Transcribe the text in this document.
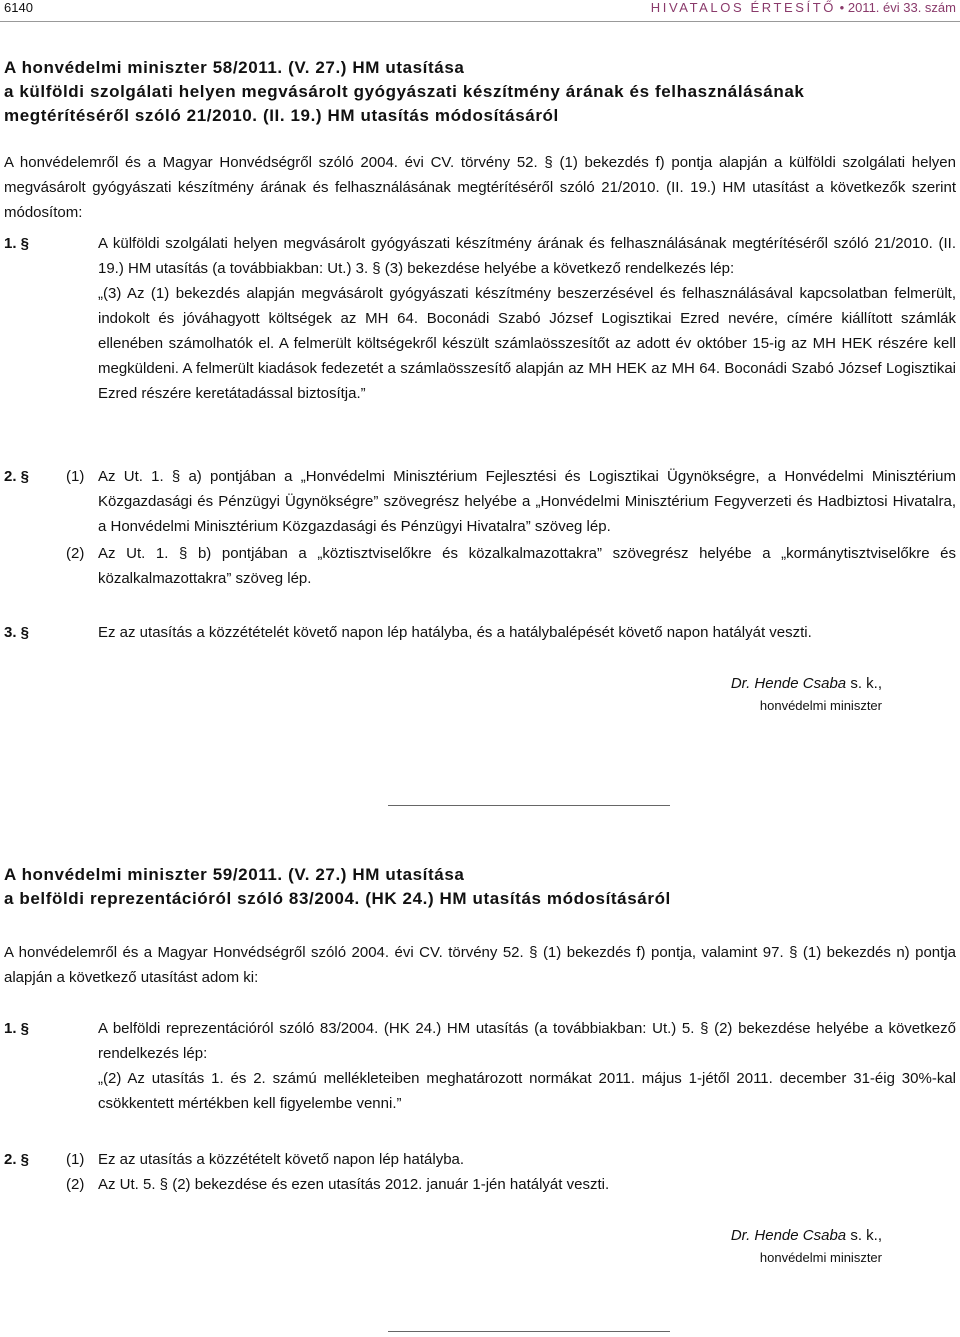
6140	HIVATALOS ÉRTESÍTŐ • 2011. évi 33. szám
A honvédelmi miniszter 58/2011. (V. 27.) HM utasítása
a külföldi szolgálati helyen megvásárolt gyógyászati készítmény árának és felhasználásának
megtérítéséről szóló 21/2010. (II. 19.) HM utasítás módosításáról

A honvédelemről és a Magyar Honvédségről szóló 2004. évi CV. törvény 52. § (1) bekezdés f) pontja alapján a külföldi szolgálati helyen megvásárolt gyógyászati készítmény árának és felhasználásának megtérítéséről szóló 21/2010. (II. 19.) HM utasítást a következők szerint módosítom:

1. §	A külföldi szolgálati helyen megvásárolt gyógyászati készítmény árának és felhasználásának megtérítéséről szóló 21/2010. (II. 19.) HM utasítás (a továbbiakban: Ut.) 3. § (3) bekezdése helyébe a következő rendelkezés lép:

„(3) Az (1) bekezdés alapján megvásárolt gyógyászati készítmény beszerzésével és felhasználásával kapcsolatban felmerült, indokolt és jóváhagyott költségek az MH 64. Boconádi Szabó József Logisztikai Ezred nevére, címére kiállított számlák ellenében számolhatók el. A felmerült költségekről készült számlaösszesítőt az adott év október 15-ig az MH HEK részére kell megküldeni. A felmerült kiadások fedezetét a számlaösszesítő alapján az MH HEK az MH 64. Boconádi Szabó József Logisztikai Ezred részére keretátadással biztosítja.”

2. § (1) Az Ut. 1. § a) pontjában a „Honvédelmi Minisztérium Fejlesztési és Logisztikai Ügynökségre, a Honvédelmi Minisztérium Közgazdasági és Pénzügyi Ügynökségre” szövegrész helyébe a „Honvédelmi Minisztérium Fegyverzeti és Hadbiztosi Hivatalra, a Honvédelmi Minisztérium Közgazdasági és Pénzügyi Hivatalra” szöveg lép.

(2) Az Ut. 1. § b) pontjában a „köztisztviselőkre és közalkalmazottakra” szövegrész helyébe a „kormánytisztviselőkre és közalkalmazottakra” szöveg lép.

3. §	Ez az utasítás a közzétételét követő napon lép hatályba, és a hatálybalépését követő napon hatályát veszti.

Dr. Hende Csaba s. k.,
honvédelmi miniszter
A honvédelmi miniszter 59/2011. (V. 27.) HM utasítása
a belföldi reprezentációról szóló 83/2004. (HK 24.) HM utasítás módosításáról

A honvédelemről és a Magyar Honvédségről szóló 2004. évi CV. törvény 52. § (1) bekezdés f) pontja, valamint 97. § (1) bekezdés n) pontja alapján a következő utasítást adom ki:

1. §	A belföldi reprezentációról szóló 83/2004. (HK 24.) HM utasítás (a továbbiakban: Ut.) 5. § (2) bekezdése helyébe a következő rendelkezés lép:

„(2) Az utasítás 1. és 2. számú mellékleteiben meghatározott normákat 2011. május 1-jétől 2011. december 31-éig 30%-kal csökkentett mértékben kell figyelembe venni.”

2. § (1) Ez az utasítás a közzétételt követő napon lép hatályba.

(2) Az Ut. 5. § (2) bekezdése és ezen utasítás 2012. január 1-jén hatályát veszti.

Dr. Hende Csaba s. k.,
honvédelmi miniszter
